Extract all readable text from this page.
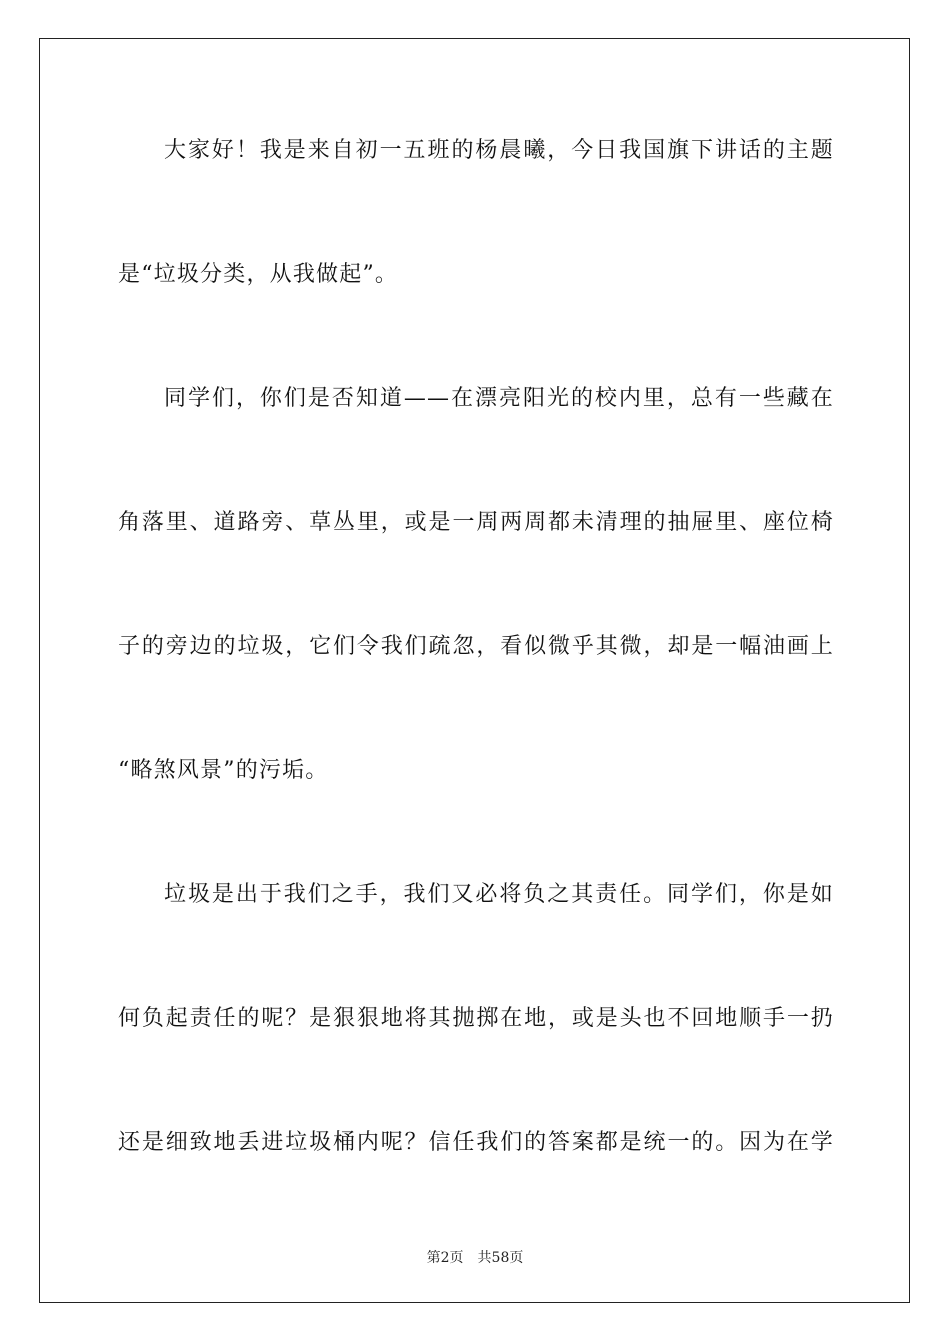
大家好！我是来自初一五班的杨晨曦，今日我国旗下讲话的主题
是“垃圾分类，从我做起”。
同学们，你们是否知道——在漂亮阳光的校内里，总有一些藏在
角落里、道路旁、草丛里，或是一周两周都未清理的抽屉里、座位椅
子的旁边的垃圾，它们令我们疏忽，看似微乎其微，却是一幅油画上
“略煞风景”的污垢。
垃圾是出于我们之手，我们又必将负之其责任。同学们，你是如
何负起责任的呢？是狠狠地将其抛掷在地，或是头也不回地顺手一扔
还是细致地丢进垃圾桶内呢？信任我们的答案都是统一的。因为在学
第2页 共58页
